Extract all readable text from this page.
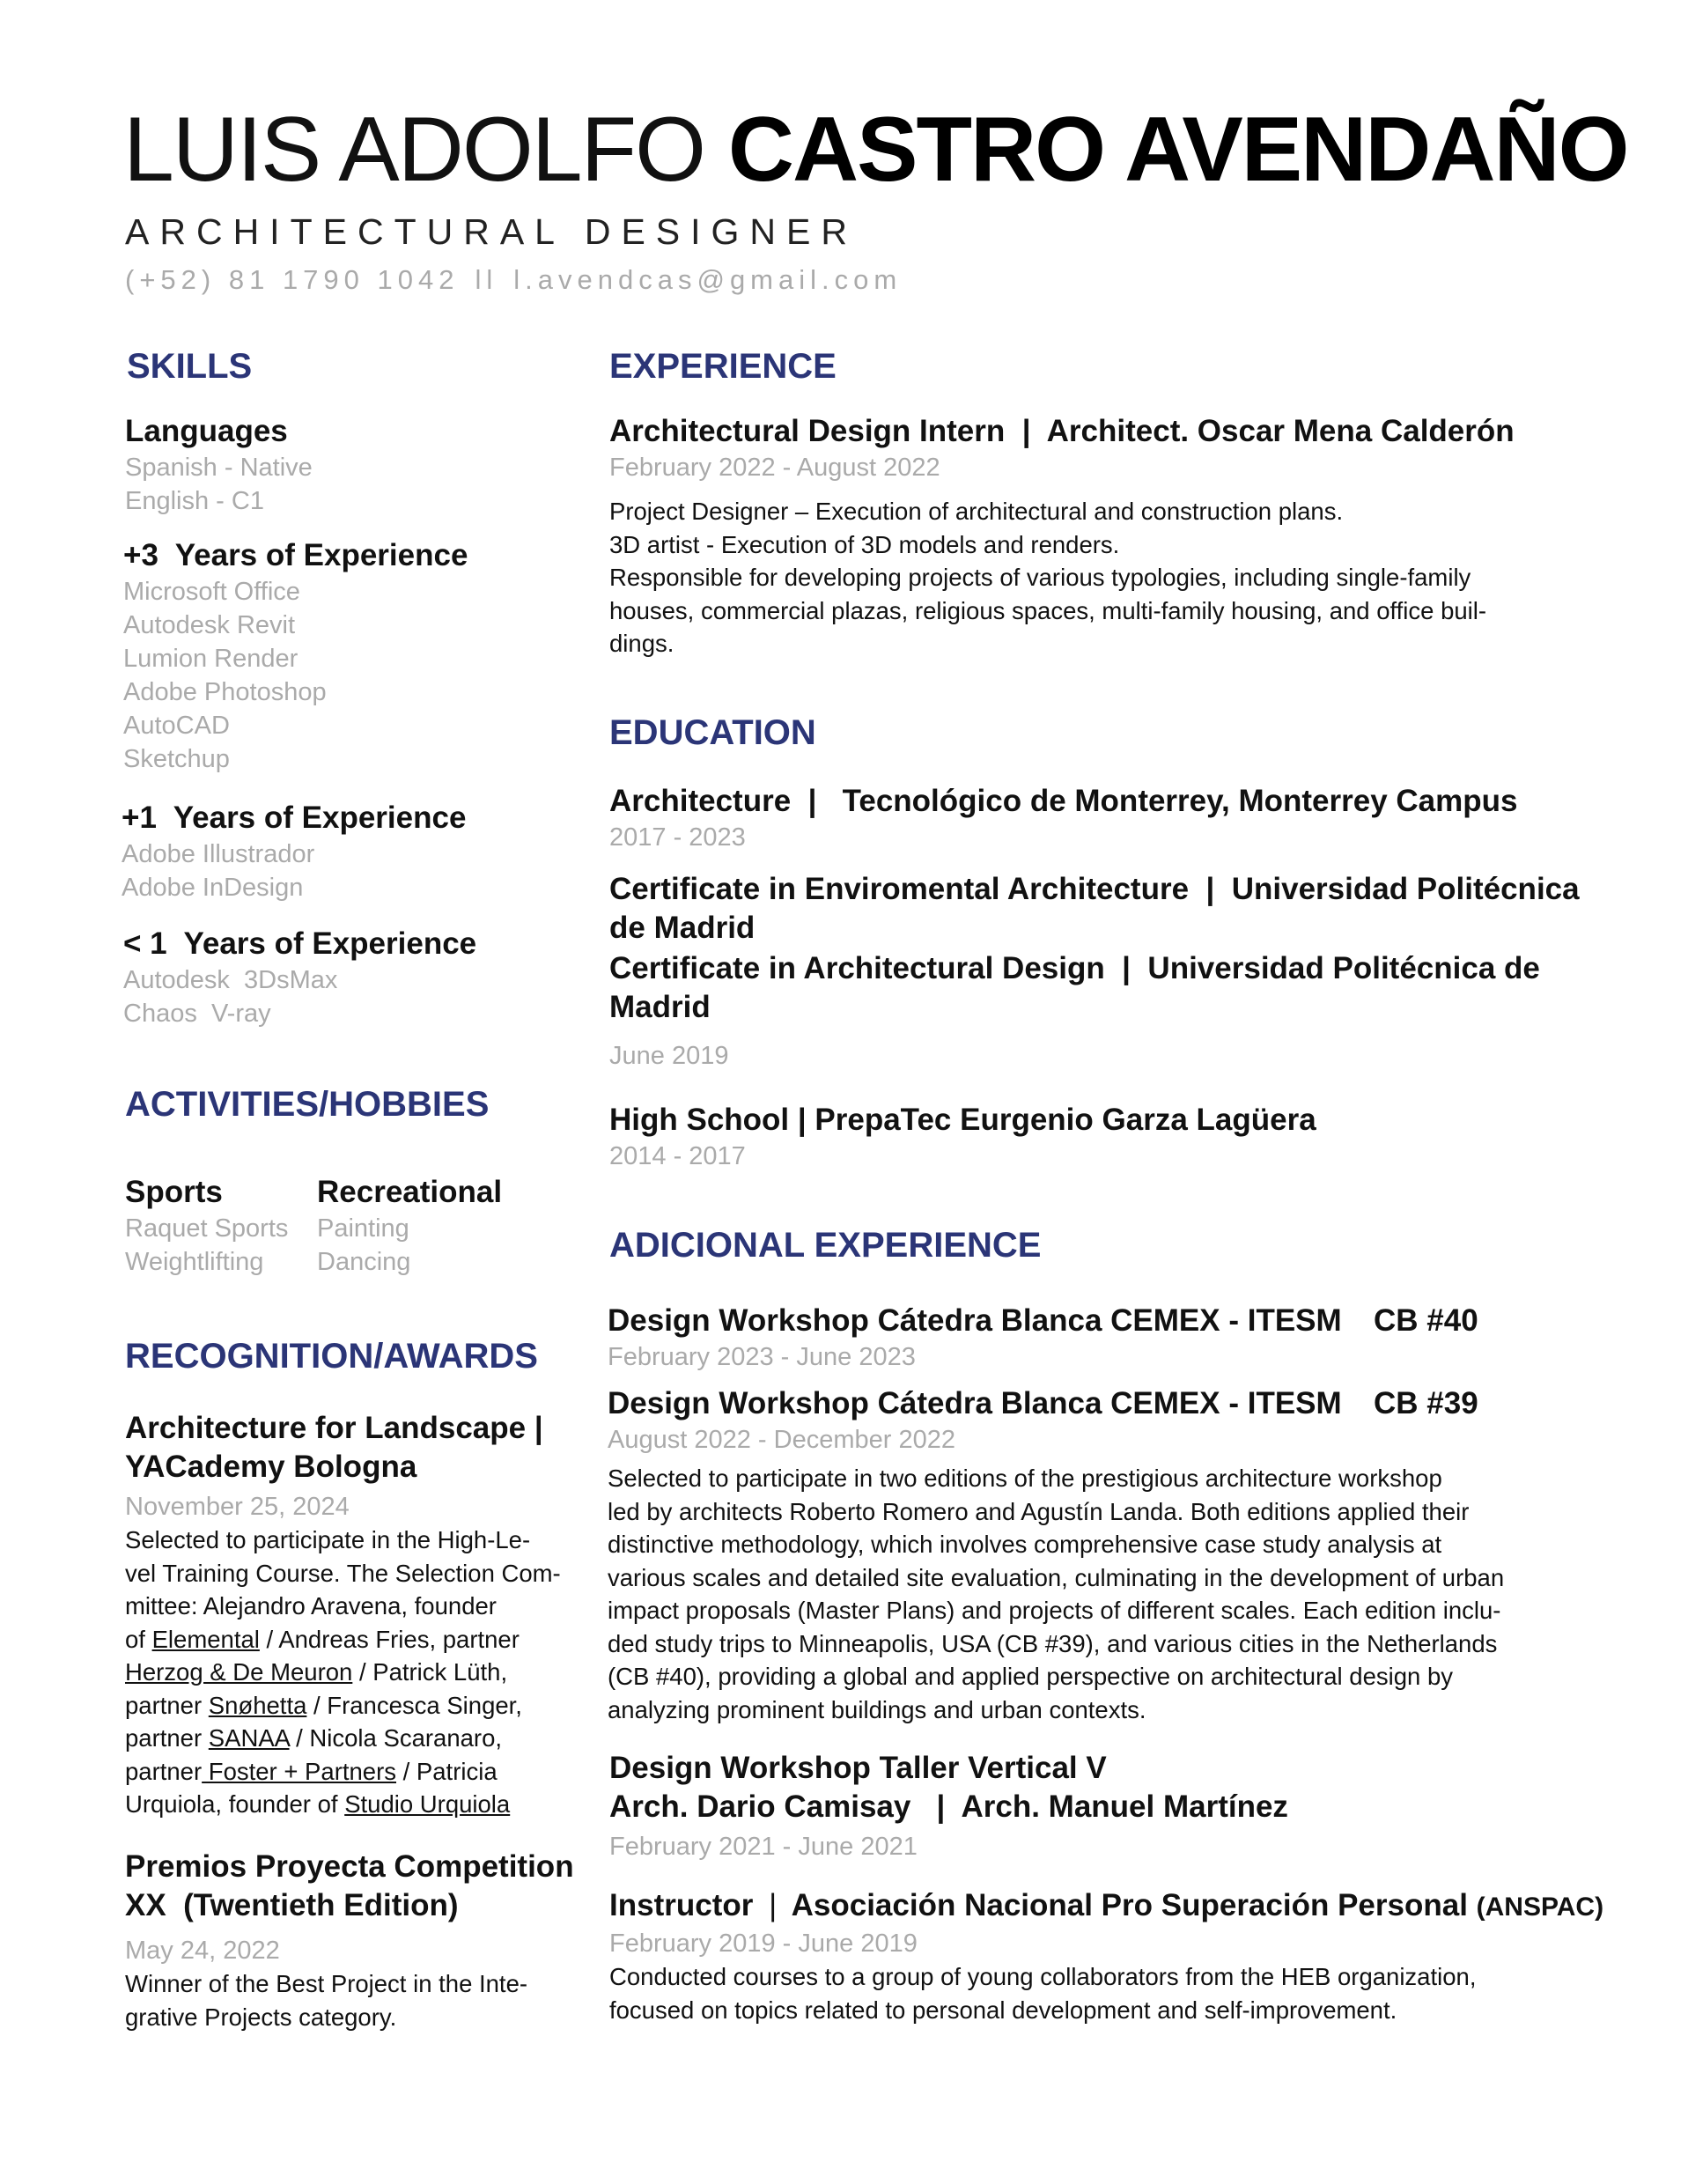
LUIS ADOLFO CASTRO AVENDAÑO
ARCHITECTURAL DESIGNER
(+52) 81 1790 1042 ll l.avendcas@gmail.com
SKILLS
Languages
Spanish - Native
English - C1
+3  Years of Experience
Microsoft Office
Autodesk Revit
Lumion Render
Adobe Photoshop
AutoCAD
Sketchup
+1  Years of Experience
Adobe Illustrador
Adobe InDesign
< 1  Years of Experience
Autodesk  3DsMax
Chaos  V-ray
ACTIVITIES/HOBBIES
Sports
Raquet Sports
Weightlifting
Recreational
Painting
Dancing
RECOGNITION/AWARDS
Architecture for Landscape |
YACademy Bologna
November 25, 2024
Selected to participate in the High-Le-
vel Training Course. The Selection Com-
mittee: Alejandro Aravena, founder
of Elemental / Andreas Fries, partner
Herzog & De Meuron / Patrick Lüth,
partner Snøhetta / Francesca Singer,
partner SANAA / Nicola Scaranaro,
partner Foster + Partners / Patricia
Urquiola, founder of Studio Urquiola
Premios Proyecta Competition
XX  (Twentieth Edition)
May 24, 2022
Winner of the Best Project in the Inte-
grative Projects category.
EXPERIENCE
Architectural Design Intern  |  Architect. Oscar Mena Calderón
February 2022 - August 2022
Project Designer – Execution of architectural and construction plans.
3D artist - Execution of 3D models and renders.
Responsible for developing projects of various typologies, including single-family
houses, commercial plazas, religious spaces, multi-family housing, and office buil-
dings.
EDUCATION
Architecture  |   Tecnológico de Monterrey, Monterrey Campus
2017 - 2023
Certificate in Enviromental Architecture  |  Universidad Politécnica
de Madrid
Certificate in Architectural Design  |  Universidad Politécnica de
Madrid
June 2019
High School | PrepaTec Eurgenio Garza Lagüera
2014 - 2017
ADICIONAL EXPERIENCE
Design Workshop Cátedra Blanca CEMEX - ITESM CB #40
February 2023 - June 2023
Design Workshop Cátedra Blanca CEMEX - ITESM CB #39
August 2022 - December 2022
Selected to participate in two editions of the prestigious architecture workshop
led by architects Roberto Romero and Agustín Landa. Both editions applied their
distinctive methodology, which involves comprehensive case study analysis at
various scales and detailed site evaluation, culminating in the development of urban
impact proposals (Master Plans) and projects of different scales. Each edition inclu-
ded study trips to Minneapolis, USA (CB #39), and various cities in the Netherlands
(CB #40), providing a global and applied perspective on architectural design by
analyzing prominent buildings and urban contexts.
Design Workshop Taller Vertical V
Arch. Dario Camisay   |  Arch. Manuel Martínez
February 2021 - June 2021
Instructor | Asociación Nacional Pro Superación Personal (ANSPAC)
February 2019 - June 2019
Conducted courses to a group of young collaborators from the HEB organization,
focused on topics related to personal development and self-improvement.
